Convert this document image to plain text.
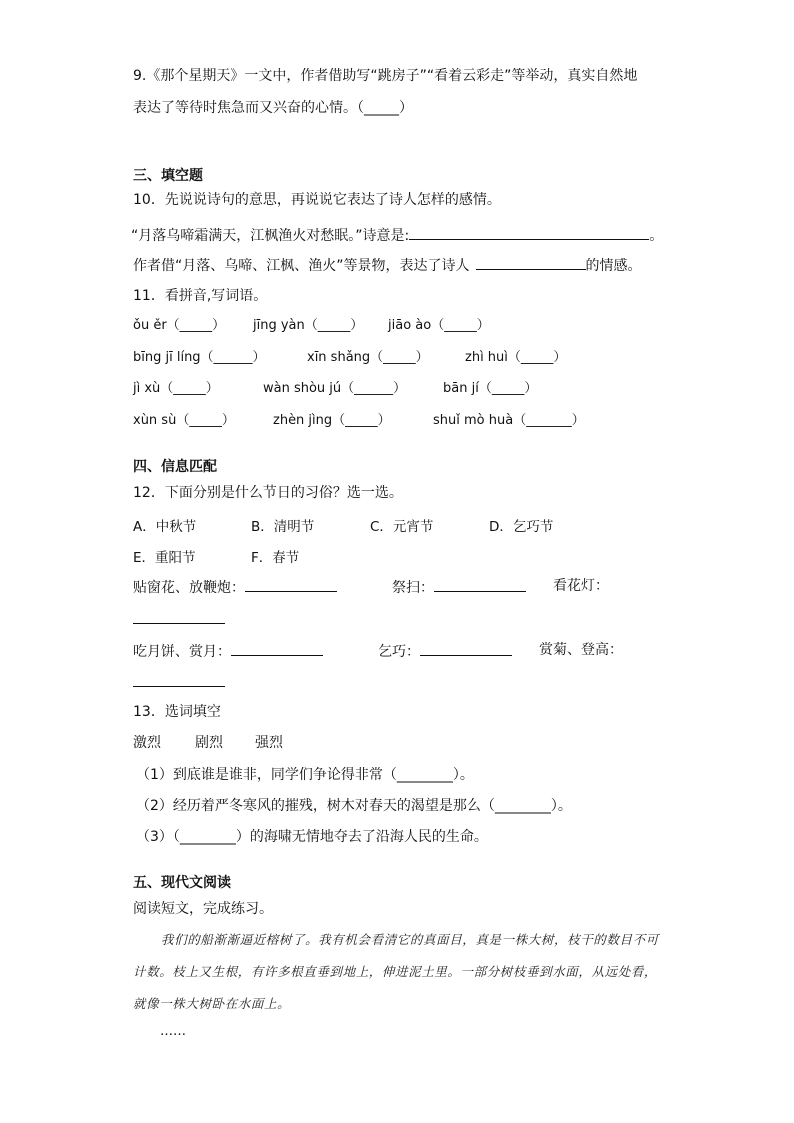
9.《那个星期天》一文中，作者借助写“跳房子”“看着云彩走”等举动，真实自然地
表达了等待时焦急而又兴奋的心情。（_____）
三、填空题
10．先说说诗句的意思，再说说它表达了诗人怎样的感情。
“月落乌啼霜满天，江枫渔火对愁眠。”诗意是:	。
作者借“月落、乌啼、江枫、渔火”等景物，表达了诗人	的情感。
11．看拼音,写词语。
ǒu ěr（_____） jīng yàn（_____） jiāo ào（_____）
bīng jī líng（______）	xīn shǎng（_____）	zhì huì（_____）
jì xù（_____）	wàn shòu jú（______）	bān jí（_____）
xùn sù（_____）	zhèn jìng（_____）	shuǐ mò huà（_______）
四、信息匹配
12．下面分别是什么节日的习俗？选一选。
A．中秋节	B．清明节	C．元宵节	D．乞巧节
E．重阳节	F．春节
贴窗花、放鞭炮：	祭扫：	看花灯：
吃月饼、赏月：	乞巧：	赏菊、登高：
13．选词填空
激烈 剧烈 强烈
（1）到底谁是谁非，同学们争论得非常（________）。
（2）经历着严冬寒风的摧残，树木对春天的渴望是那么（________）。
（3）（________）的海啸无情地夺去了沿海人民的生命。
五、现代文阅读
阅读短文，完成练习。
我们的船渐渐逼近榕树了。我有机会看清它的真面目，真是一株大树，枝干的数目不可计数。枝上又生根，有许多根直垂到地上，伸进泥土里。一部分树枝垂到水面，从远处看，就像一株大树卧在水面上。
……
